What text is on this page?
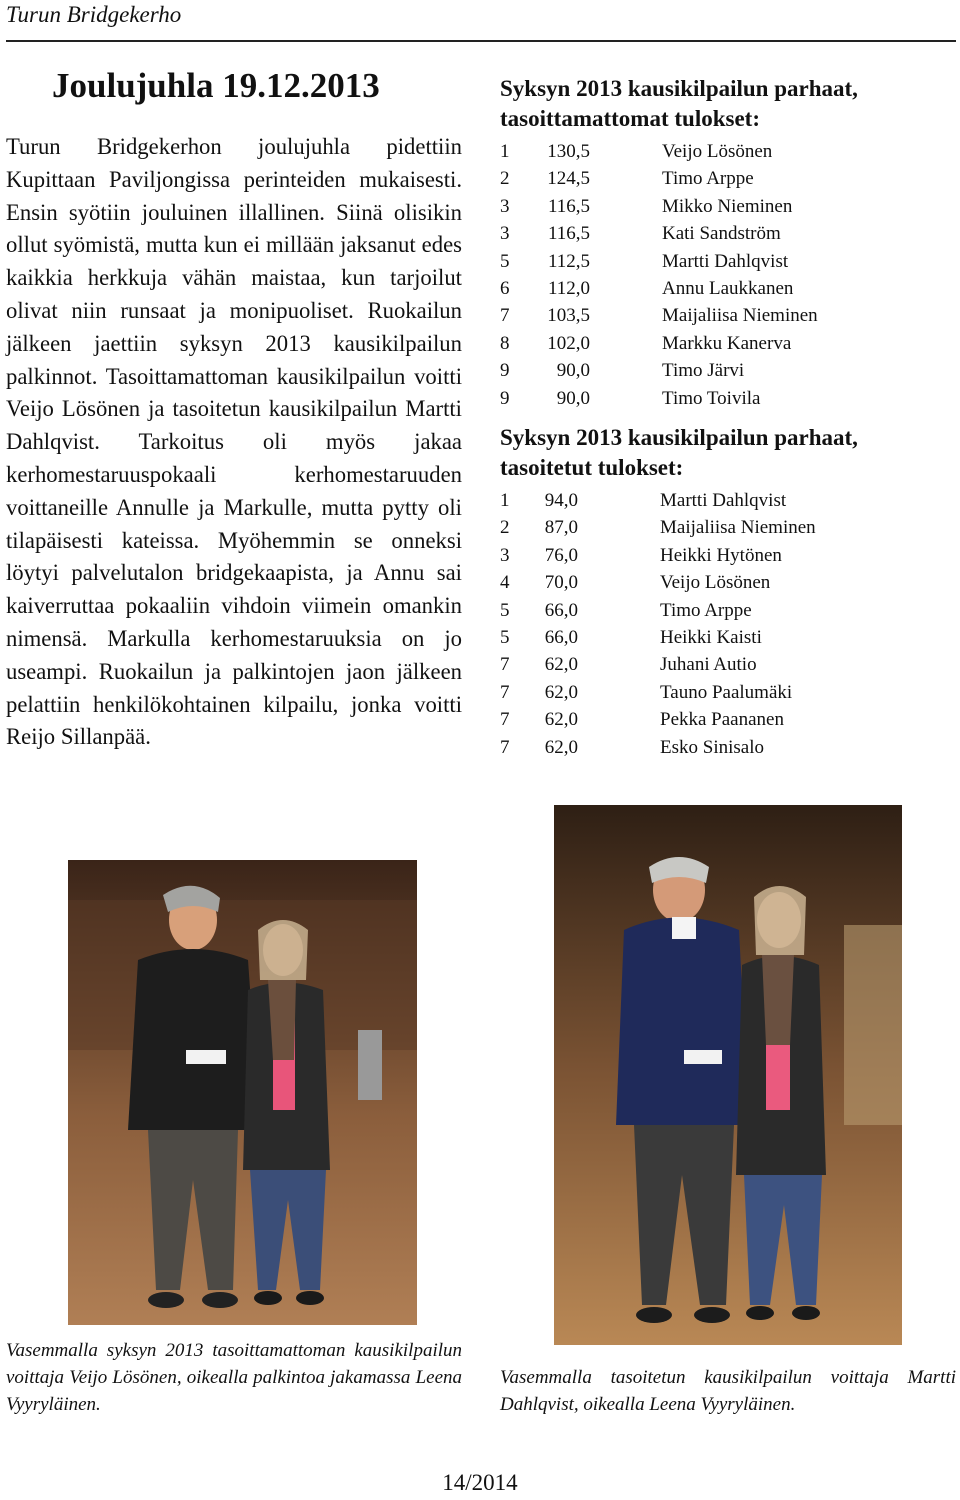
Turun Bridgekerho
Joulujuhla 19.12.2013

Turun Bridgekerhon joulujuhla pidettiin Kupittaan Paviljongissa perinteiden mukaisesti. Ensin syötiin jouluinen illallinen. Siinä olisikin ollut syömistä, mutta kun ei millään jaksanut edes kaikkia herkkuja vähän maistaa, kun tarjoilut olivat niin runsaat ja monipuoliset. Ruokailun jälkeen jaettiin syksyn 2013 kausikilpailun palkinnot. Tasoittamattoman kausikilpailun voitti Veijo Lösönen ja tasoitetun kausikilpailun Martti Dahlqvist. Tarkoitus oli myös jakaa kerhomestaruuspokaali kerhomestaruuden voittaneille Annulle ja Markulle, mutta pytty oli tilapäisesti kateissa. Myöhemmin se onneksi löytyi palvelutalon bridgekaapista, ja Annu sai kaiverruttaa pokaaliin vihdoin viimein omankin nimensä. Markulla kerhomestaruuksia on jo useampi. Ruokailun ja palkintojen jaon jälkeen pelattiin henkilökohtainen kilpailu, jonka voitti Reijo Sillanpää.

Syksyn 2013 kausikilpailun parhaat, tasoittamattomat tulokset:
1	130,5	Veijo Lösönen
2	124,5	Timo Arppe
3	116,5	Mikko Nieminen
3	116,5	Kati Sandström
5	112,5	Martti Dahlqvist
6	112,0	Annu Laukkanen
7	103,5	Maijaliisa Nieminen
8	102,0	Markku Kanerva
9	90,0	Timo Järvi
9	90,0	Timo Toivila
Syksyn 2013 kausikilpailun parhaat, tasoitetut tulokset:
1	94,0	Martti Dahlqvist
2	87,0	Maijaliisa Nieminen
3	76,0	Heikki Hytönen
4	70,0	Veijo Lösönen
5	66,0	Timo Arppe
5	66,0	Heikki Kaisti
7	62,0	Juhani Autio
7	62,0	Tauno Paalumäki
7	62,0	Pekka Paananen
7	62,0	Esko Sinisalo

Vasemmalla syksyn 2013 tasoittamattoman kausikilpailun voittaja Veijo Lösönen, oikealla palkintoa jakamassa Leena Vyyryläinen.

Vasemmalla tasoitetun kausikilpailun voittaja Martti Dahlqvist, oikealla Leena Vyyryläinen.

14/2014
